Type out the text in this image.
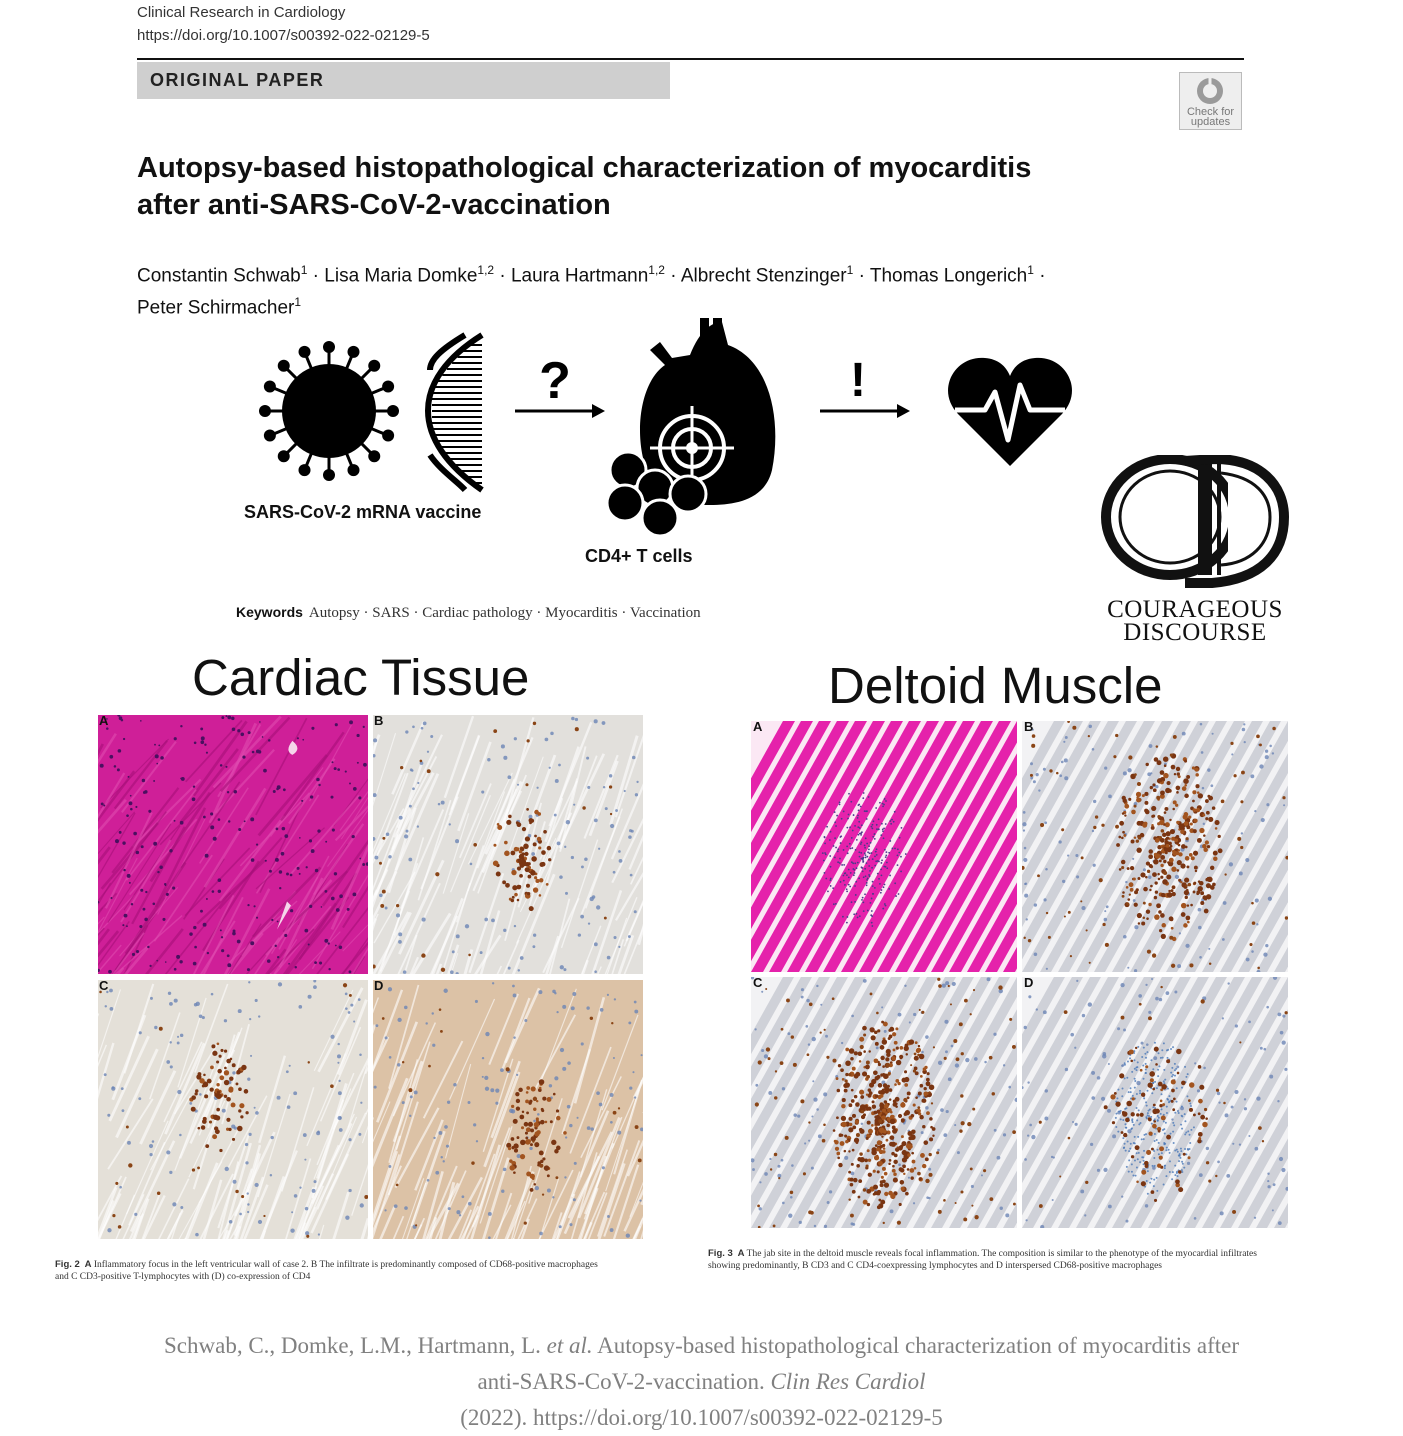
Clinical Research in Cardiology
https://doi.org/10.1007/s00392-022-02129-5
ORIGINAL PAPER
Check for
updates
Autopsy-based histopathological characterization of myocarditis
after anti-SARS-CoV-2-vaccination
Constantin Schwab$^1$ · Lisa Maria Domke$^{1,2}$ · Laura Hartmann$^{1,2}$ · Albrecht Stenzinger$^1$ · Thomas Longerich$^1$ ·
Peter Schirmacher$^1$
?	!
SARS-CoV-2 mRNA vaccine
CD4+ T cells
Keywords Autopsy · SARS · Cardiac pathology · Myocarditis · Vaccination	COURAGEOUS
DISCOURSE
Cardiac Tissue	Deltoid Muscle
A	B
C	D
A	B
C	D
Fig. 2 A Inflammatory focus in the left ventricular wall of case 2. B The infiltrate is predominantly composed of CD68-positive macrophages
and C CD3-positive T-lymphocytes with (D) co-expression of CD4
Fig. 3 A The jab site in the deltoid muscle reveals focal inflammation. The composition is similar to the phenotype of the myocardial infiltrates
showing predominantly, B CD3 and C CD4-coexpressing lymphocytes and D interspersed CD68-positive macrophages
Schwab, C., Domke, L.M., Hartmann, L. et al. Autopsy-based histopathological characterization of myocarditis after anti-SARS-CoV-2-vaccination. Clin Res Cardiol
(2022). https://doi.org/10.1007/s00392-022-02129-5
